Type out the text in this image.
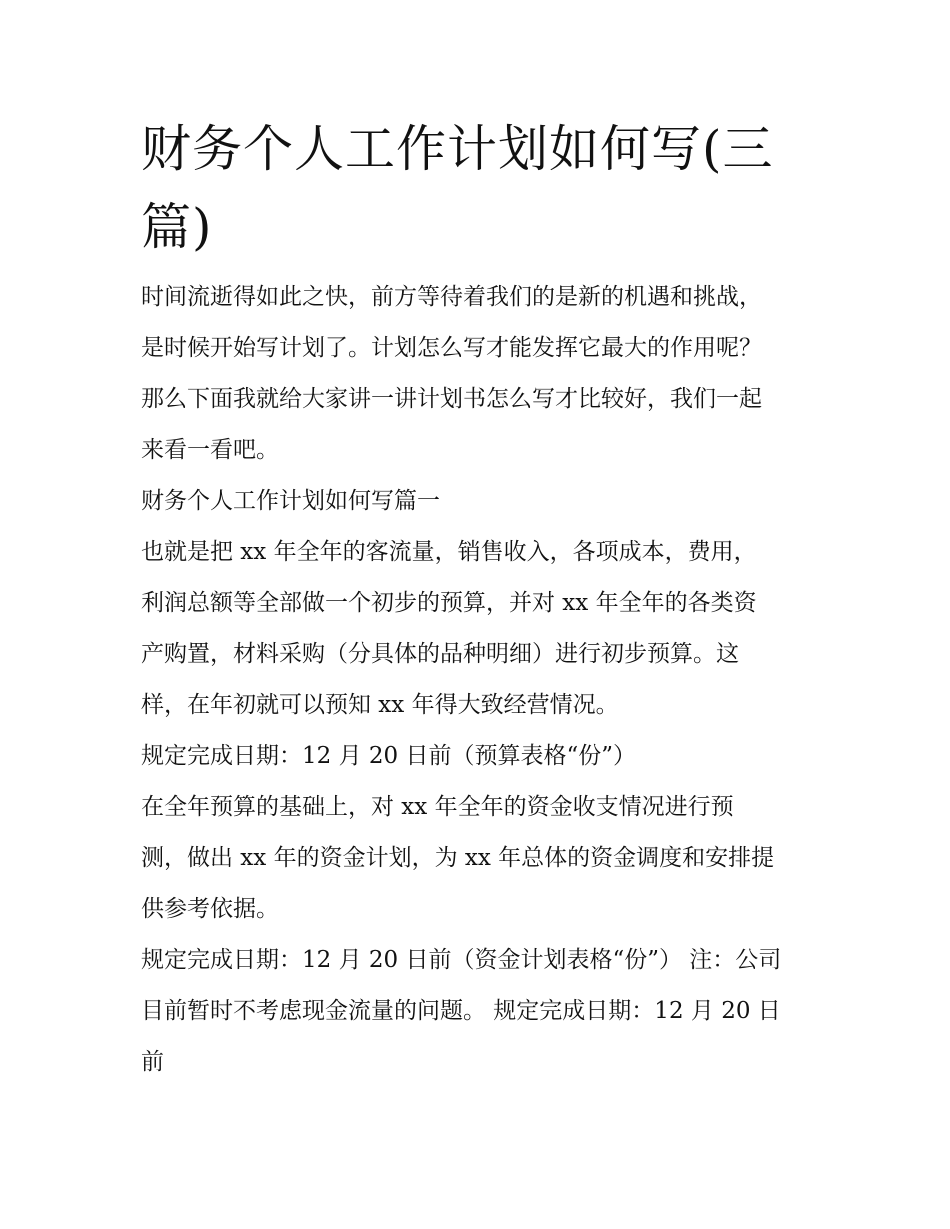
财务个人工作计划如何写(三篇)

时间流逝得如此之快，前方等待着我们的是新的机遇和挑战，
是时候开始写计划了。计划怎么写才能发挥它最大的作用呢？
那么下面我就给大家讲一讲计划书怎么写才比较好，我们一起
来看一看吧。

财务个人工作计划如何写篇一

也就是把 xx 年全年的客流量，销售收入，各项成本，费用，
利润总额等全部做一个初步的预算，并对 xx 年全年的各类资
产购置，材料采购（分具体的品种明细）进行初步预算。这
样，在年初就可以预知 xx 年得大致经营情况。

规定完成日期：12 月 20 日前（预算表格“份”）

在全年预算的基础上，对 xx 年全年的资金收支情况进行预
测，做出 xx 年的资金计划，为 xx 年总体的资金调度和安排提
供参考依据。

规定完成日期：12 月 20 日前（资金计划表格“份”） 注：公司
目前暂时不考虑现金流量的问题。 规定完成日期：12 月 20 日
前
